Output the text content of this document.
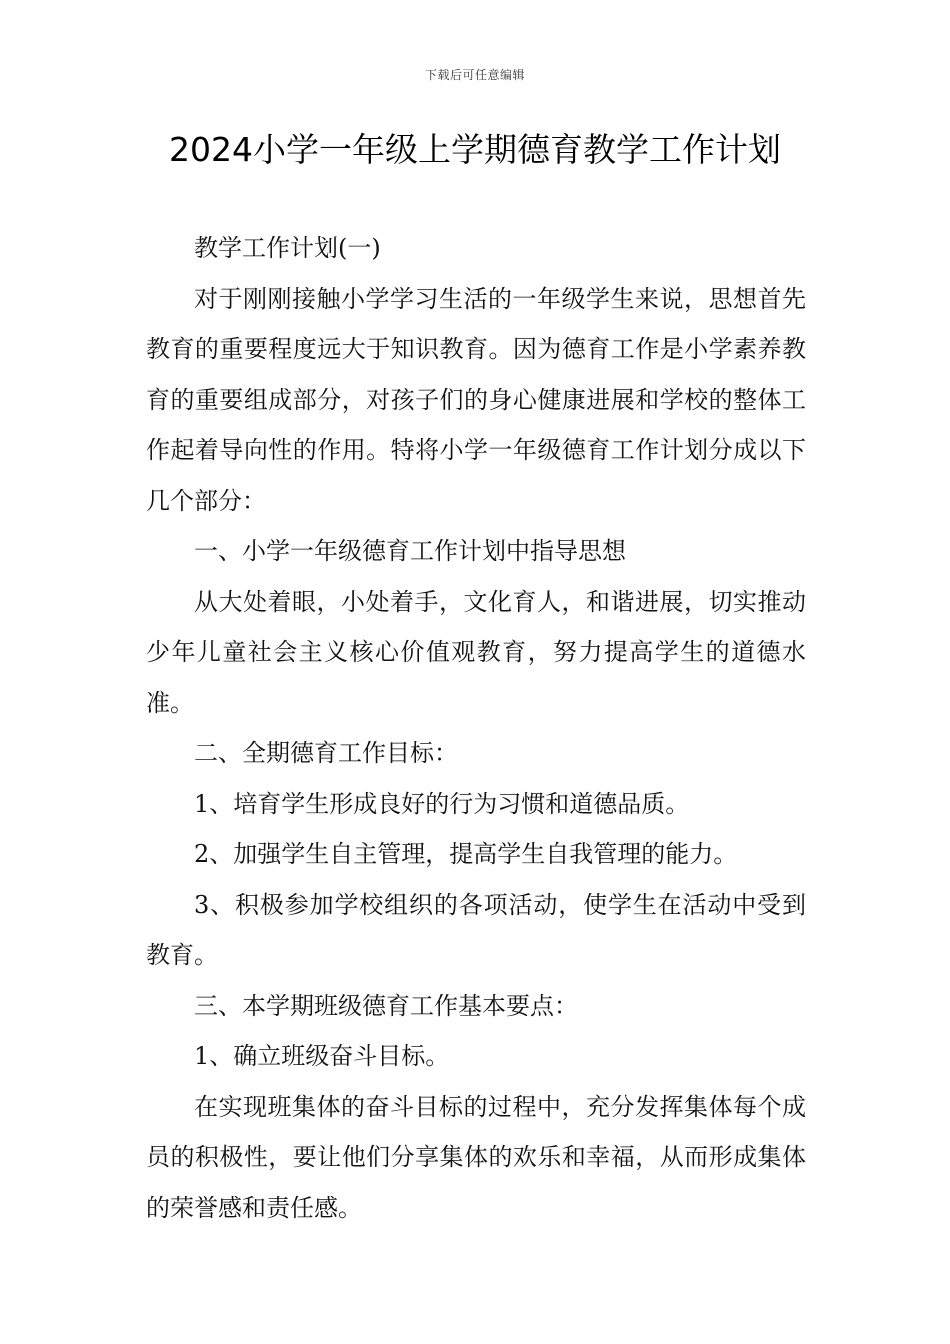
下载后可任意编辑
2024小学一年级上学期德育教学工作计划

教学工作计划(一)

对于刚刚接触小学学习生活的一年级学生来说，思想首先教育的重要程度远大于知识教育。因为德育工作是小学素养教育的重要组成部分，对孩子们的身心健康进展和学校的整体工作起着导向性的作用。特将小学一年级德育工作计划分成以下几个部分：

一、小学一年级德育工作计划中指导思想

从大处着眼，小处着手，文化育人，和谐进展，切实推动少年儿童社会主义核心价值观教育，努力提高学生的道德水准。

二、全期德育工作目标：

1、培育学生形成良好的行为习惯和道德品质。

2、加强学生自主管理，提高学生自我管理的能力。

3、积极参加学校组织的各项活动，使学生在活动中受到教育。

三、本学期班级德育工作基本要点：

1、确立班级奋斗目标。

在实现班集体的奋斗目标的过程中，充分发挥集体每个成员的积极性，要让他们分享集体的欢乐和幸福，从而形成集体的荣誉感和责任感。
